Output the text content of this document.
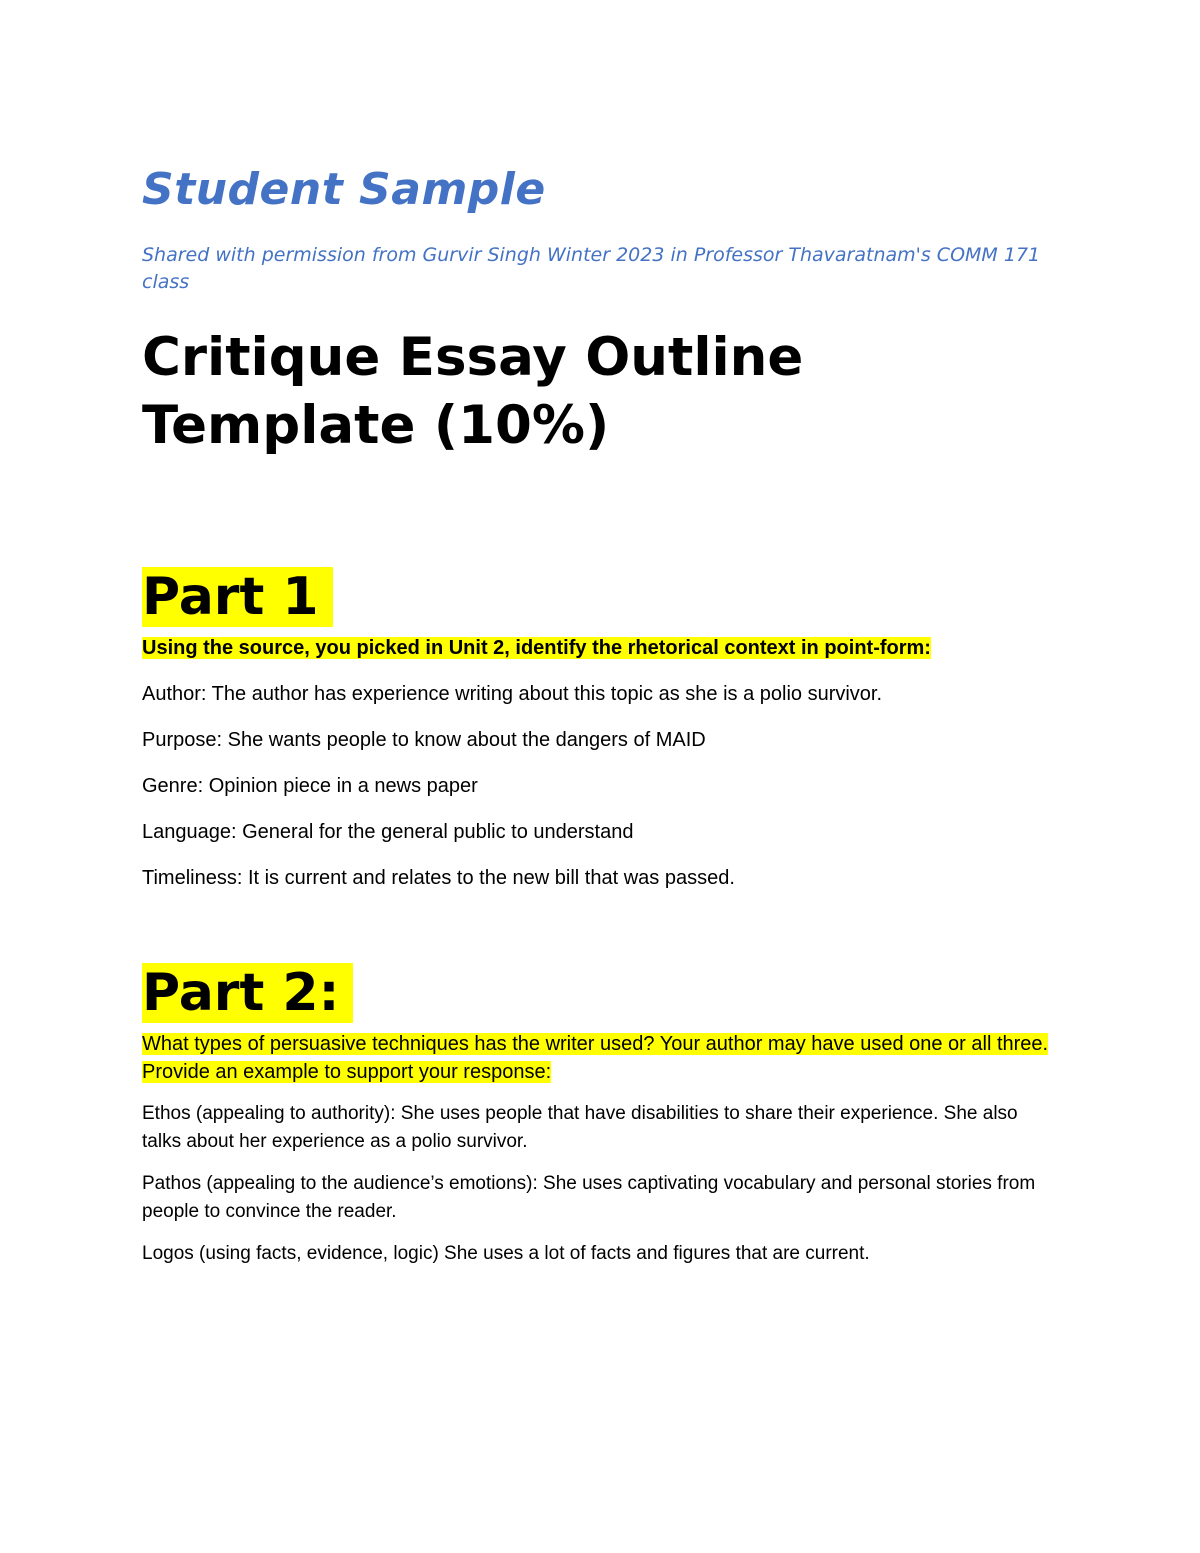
Student Sample

Shared with permission from Gurvir Singh Winter 2023 in Professor Thavaratnam's COMM 171 class

Critique Essay Outline
Template (10%)
Part 1

Using the source, you picked in Unit 2, identify the rhetorical context in point-form:

Author: The author has experience writing about this topic as she is a polio survivor.

Purpose: She wants people to know about the dangers of MAID

Genre: Opinion piece in a news paper

Language: General for the general public to understand

Timeliness: It is current and relates to the new bill that was passed.

Part 2:

What types of persuasive techniques has the writer used? Your author may have used one or all three.
Provide an example to support your response:

Ethos (appealing to authority): She uses people that have disabilities to share their experience. She also talks about her experience as a polio survivor.

Pathos (appealing to the audience’s emotions): She uses captivating vocabulary and personal stories from people to convince the reader.

Logos (using facts, evidence, logic) She uses a lot of facts and figures that are current.
